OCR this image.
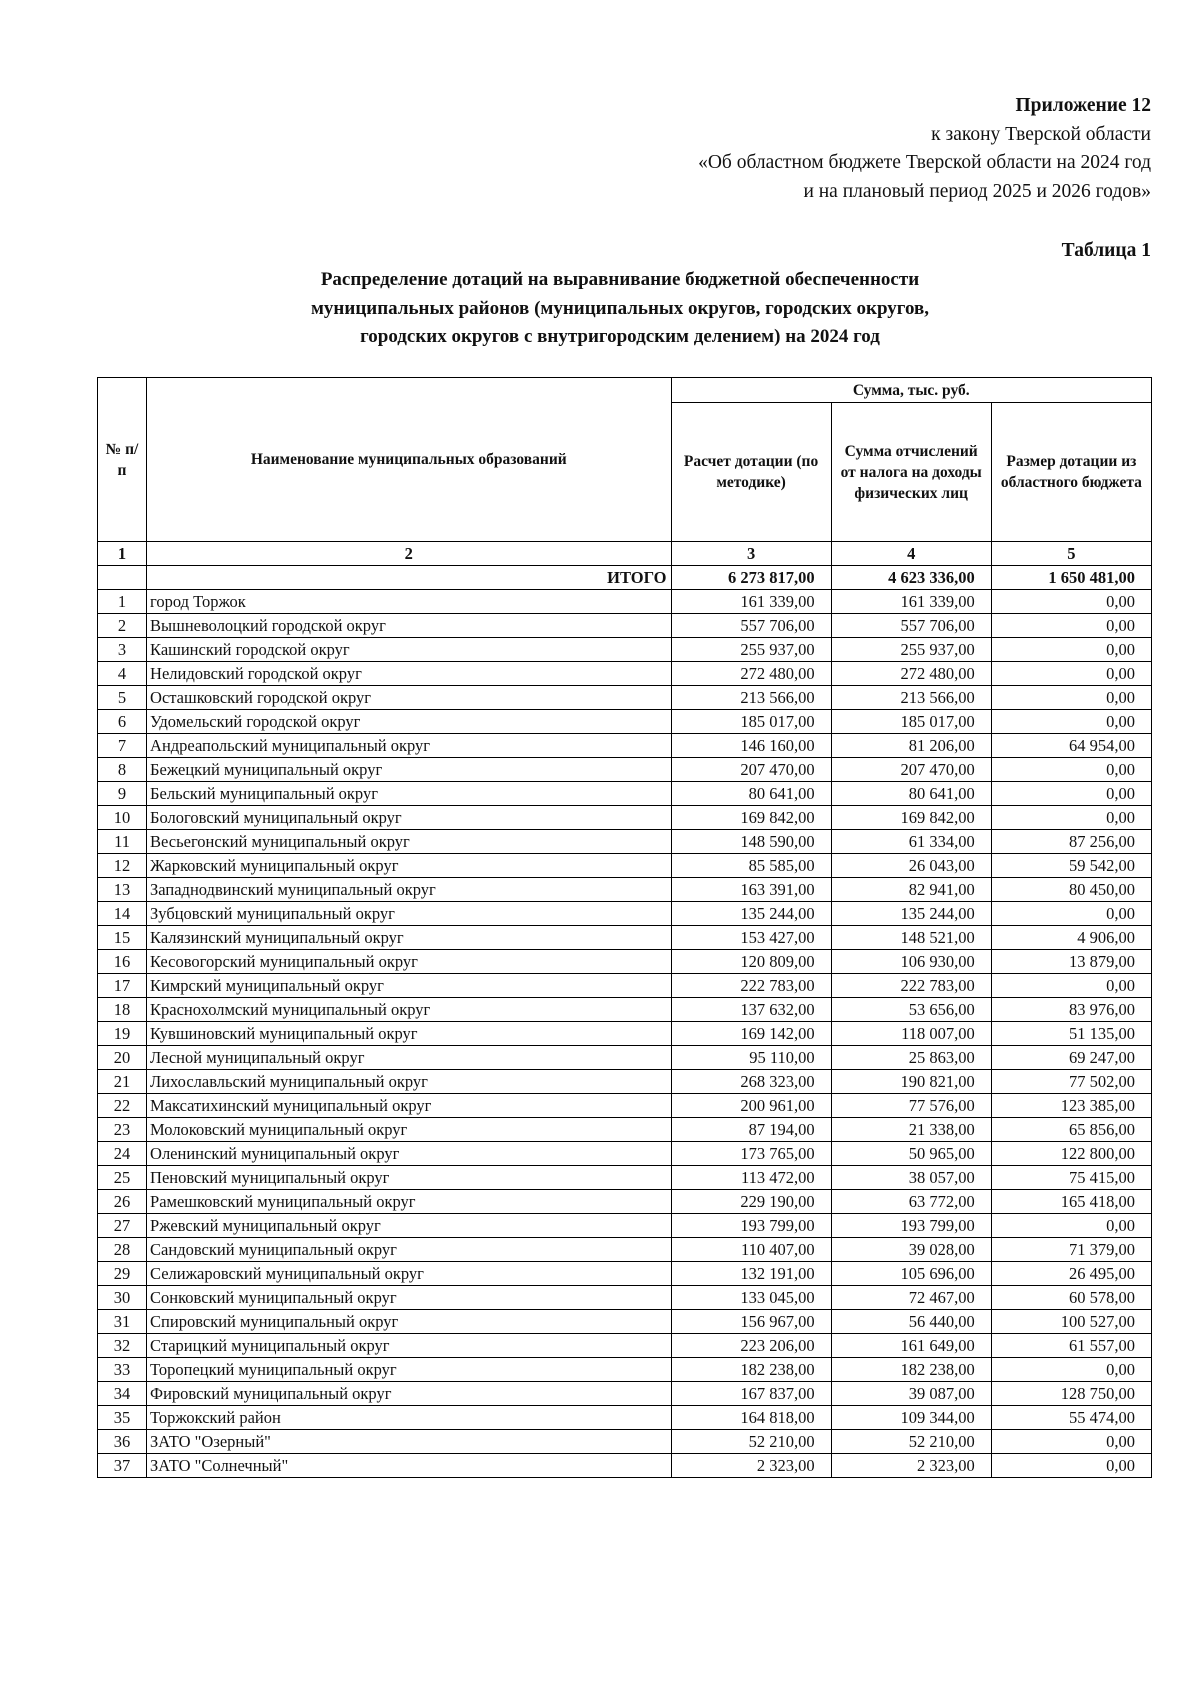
Приложение 12
к закону Тверской области
«Об областном бюджете Тверской области на 2024 год
и на плановый период 2025 и 2026 годов»
Таблица 1
Распределение дотаций на выравнивание бюджетной обеспеченности
муниципальных районов (муниципальных округов, городских округов,
городских округов с внутригородским делением) на 2024 год
№ п/п	Наименование муниципальных образований	Сумма, тыс. руб.		
		Расчет дотации (по методике)	Сумма отчислений от налога на доходы физических лиц	Размер дотации из областного бюджета
1	2	3	4	5
	ИТОГО	6 273 817,00	4 623 336,00	1 650 481,00
1	город Торжок	161 339,00	161 339,00	0,00
2	Вышневолоцкий городской округ	557 706,00	557 706,00	0,00
3	Кашинский городской округ	255 937,00	255 937,00	0,00
4	Нелидовский городской округ	272 480,00	272 480,00	0,00
5	Осташковский городской округ	213 566,00	213 566,00	0,00
6	Удомельский городской округ	185 017,00	185 017,00	0,00
7	Андреапольский муниципальный округ	146 160,00	81 206,00	64 954,00
8	Бежецкий муниципальный округ	207 470,00	207 470,00	0,00
9	Бельский муниципальный округ	80 641,00	80 641,00	0,00
10	Бологовский муниципальный округ	169 842,00	169 842,00	0,00
11	Весьегонский муниципальный округ	148 590,00	61 334,00	87 256,00
12	Жарковский муниципальный округ	85 585,00	26 043,00	59 542,00
13	Западнодвинский муниципальный округ	163 391,00	82 941,00	80 450,00
14	Зубцовский муниципальный округ	135 244,00	135 244,00	0,00
15	Калязинский муниципальный округ	153 427,00	148 521,00	4 906,00
16	Кесовогорский муниципальный округ	120 809,00	106 930,00	13 879,00
17	Кимрский муниципальный округ	222 783,00	222 783,00	0,00
18	Краснохолмский муниципальный округ	137 632,00	53 656,00	83 976,00
19	Кувшиновский муниципальный округ	169 142,00	118 007,00	51 135,00
20	Лесной муниципальный округ	95 110,00	25 863,00	69 247,00
21	Лихославльский муниципальный округ	268 323,00	190 821,00	77 502,00
22	Максатихинский муниципальный округ	200 961,00	77 576,00	123 385,00
23	Молоковский муниципальный округ	87 194,00	21 338,00	65 856,00
24	Оленинский муниципальный округ	173 765,00	50 965,00	122 800,00
25	Пеновский муниципальный округ	113 472,00	38 057,00	75 415,00
26	Рамешковский муниципальный округ	229 190,00	63 772,00	165 418,00
27	Ржевский муниципальный округ	193 799,00	193 799,00	0,00
28	Сандовский муниципальный округ	110 407,00	39 028,00	71 379,00
29	Селижаровский муниципальный округ	132 191,00	105 696,00	26 495,00
30	Сонковский муниципальный округ	133 045,00	72 467,00	60 578,00
31	Спировский муниципальный округ	156 967,00	56 440,00	100 527,00
32	Старицкий муниципальный округ	223 206,00	161 649,00	61 557,00
33	Торопецкий муниципальный округ	182 238,00	182 238,00	0,00
34	Фировский муниципальный округ	167 837,00	39 087,00	128 750,00
35	Торжокский район	164 818,00	109 344,00	55 474,00
36	ЗАТО "Озерный"	52 210,00	52 210,00	0,00
37	ЗАТО "Солнечный"	2 323,00	2 323,00	0,00
